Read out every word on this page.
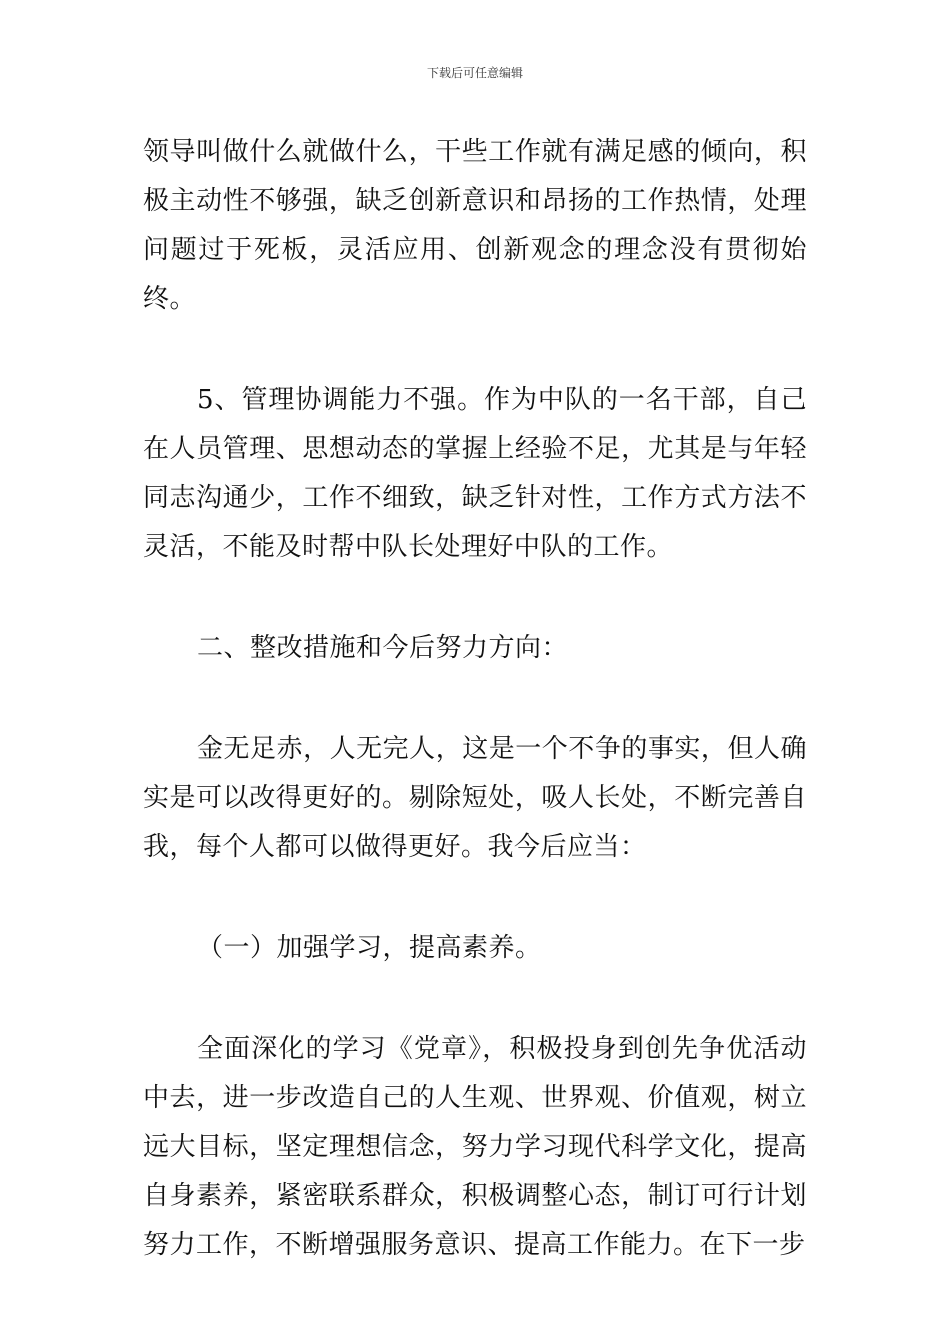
下载后可任意编辑

领导叫做什么就做什么，干些工作就有满足感的倾向，积极主动性不够强，缺乏创新意识和昂扬的工作热情，处理问题过于死板，灵活应用、创新观念的理念没有贯彻始终。

5、管理协调能力不强。作为中队的一名干部，自己在人员管理、思想动态的掌握上经验不足，尤其是与年轻同志沟通少，工作不细致，缺乏针对性，工作方式方法不灵活，不能及时帮中队长处理好中队的工作。

二、整改措施和今后努力方向：

金无足赤，人无完人，这是一个不争的事实，但人确实是可以改得更好的。剔除短处，吸人长处，不断完善自我，每个人都可以做得更好。我今后应当：

（一）加强学习，提高素养。

全面深化的学习《党章》，积极投身到创先争优活动中去，进一步改造自己的人生观、世界观、价值观，树立远大目标，坚定理想信念，努力学习现代科学文化，提高自身素养，紧密联系群众，积极调整心态，制订可行计划努力工作，不断增强服务意识、提高工作能力。在下一步
